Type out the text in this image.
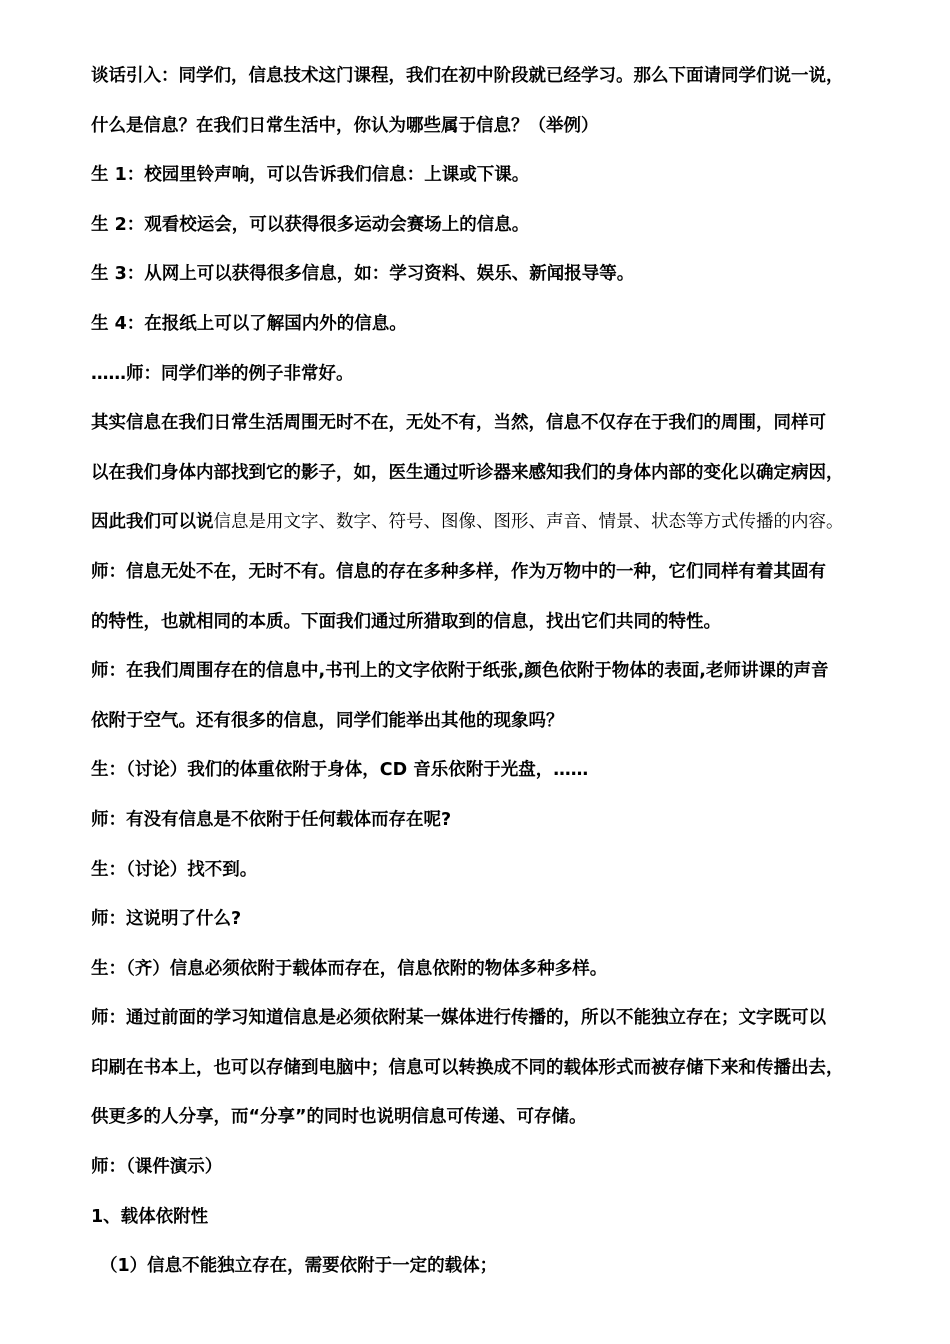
谈话引入：同学们，信息技术这门课程，我们在初中阶段就已经学习。那么下面请同学们说一说，
什么是信息？在我们日常生活中，你认为哪些属于信息？（举例）
生 1：校园里铃声响，可以告诉我们信息：上课或下课。
生 2：观看校运会，可以获得很多运动会赛场上的信息。
生 3：从网上可以获得很多信息，如：学习资料、娱乐、新闻报导等。
生 4：在报纸上可以了解国内外的信息。
……师：同学们举的例子非常好。
其实信息在我们日常生活周围无时不在，无处不有，当然，信息不仅存在于我们的周围，同样可
以在我们身体内部找到它的影子，如，医生通过听诊器来感知我们的身体内部的变化以确定病因，
因此我们可以说信息是用文字、数字、符号、图像、图形、声音、情景、状态等方式传播的内容。
师：信息无处不在，无时不有。信息的存在多种多样，作为万物中的一种，它们同样有着其固有
的特性，也就相同的本质。下面我们通过所猎取到的信息，找出它们共同的特性。
师：在我们周围存在的信息中,书刊上的文字依附于纸张,颜色依附于物体的表面,老师讲课的声音
依附于空气。还有很多的信息，同学们能举出其他的现象吗？
生：（讨论）我们的体重依附于身体，CD 音乐依附于光盘，……
师：有没有信息是不依附于任何载体而存在呢?
生：（讨论）找不到。
师：这说明了什么?
生：（齐）信息必须依附于载体而存在，信息依附的物体多种多样。
师：通过前面的学习知道信息是必须依附某一媒体进行传播的，所以不能独立存在；文字既可以
印刷在书本上，也可以存储到电脑中；信息可以转换成不同的载体形式而被存储下来和传播出去，
供更多的人分享，而“分享”的同时也说明信息可传递、可存储。
师：（课件演示）
1、载体依附性
（1）信息不能独立存在，需要依附于一定的载体；
